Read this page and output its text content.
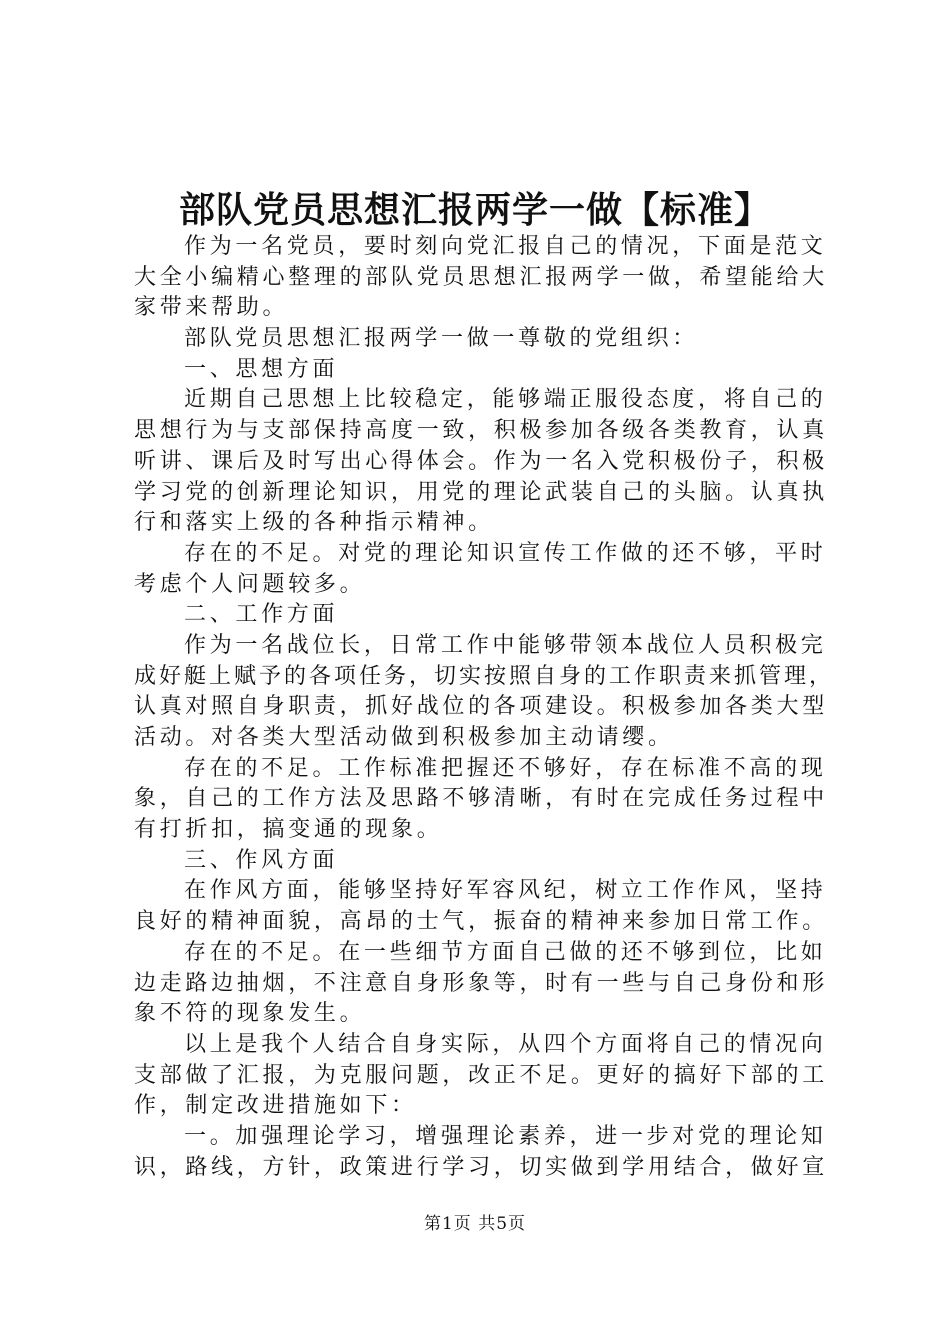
部队党员思想汇报两学一做【标准】
作为一名党员，要时刻向党汇报自己的情况，下面是范文
大全小编精心整理的部队党员思想汇报两学一做，希望能给大
家带来帮助。
部队党员思想汇报两学一做一尊敬的党组织：
一、思想方面
近期自己思想上比较稳定，能够端正服役态度，将自己的
思想行为与支部保持高度一致，积极参加各级各类教育，认真
听讲、课后及时写出心得体会。作为一名入党积极份子，积极
学习党的创新理论知识，用党的理论武装自己的头脑。认真执
行和落实上级的各种指示精神。
存在的不足。对党的理论知识宣传工作做的还不够，平时
考虑个人问题较多。
二、工作方面
作为一名战位长，日常工作中能够带领本战位人员积极完
成好艇上赋予的各项任务，切实按照自身的工作职责来抓管理，
认真对照自身职责，抓好战位的各项建设。积极参加各类大型
活动。对各类大型活动做到积极参加主动请缨。
存在的不足。工作标准把握还不够好，存在标准不高的现
象，自己的工作方法及思路不够清晰，有时在完成任务过程中
有打折扣，搞变通的现象。
三、作风方面
在作风方面，能够坚持好军容风纪，树立工作作风，坚持
良好的精神面貌，高昂的士气，振奋的精神来参加日常工作。
存在的不足。在一些细节方面自己做的还不够到位，比如
边走路边抽烟，不注意自身形象等，时有一些与自己身份和形
象不符的现象发生。
以上是我个人结合自身实际，从四个方面将自己的情况向
支部做了汇报，为克服问题，改正不足。更好的搞好下部的工
作，制定改进措施如下：
一。加强理论学习，增强理论素养，进一步对党的理论知
识，路线，方针，政策进行学习，切实做到学用结合，做好宣
第1页 共5页
